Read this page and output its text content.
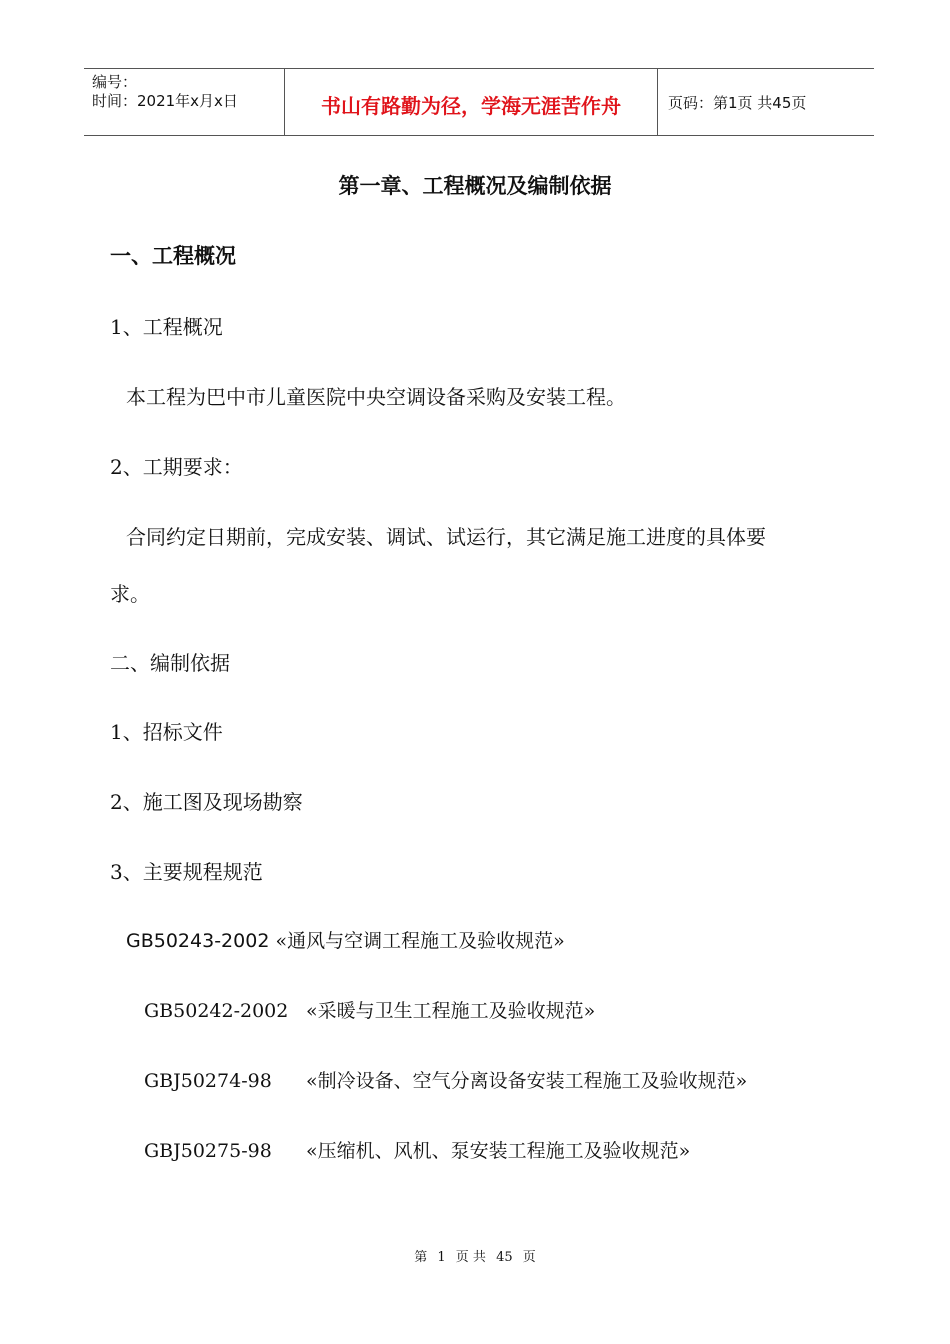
编号：
时间：2021年x月x日	书山有路勤为径，学海无涯苦作舟	页码：第1页 共45页
第一章、工程概况及编制依据
一、工程概况
1、工程概况
本工程为巴中市儿童医院中央空调设备采购及安装工程。
2、工期要求：
合同约定日期前，完成安装、调试、试运行，其它满足施工进度的具体要
求。
二、编制依据
1、招标文件
2、施工图及现场勘察
3、主要规程规范
GB50243-2002 «通风与空调工程施工及验收规范»
GB50242-2002 «采暖与卫生工程施工及验收规范»
GBJ50274-98 «制冷设备、空气分离设备安装工程施工及验收规范»
GBJ50275-98 «压缩机、风机、泵安装工程施工及验收规范»
第 1 页 共 45 页
